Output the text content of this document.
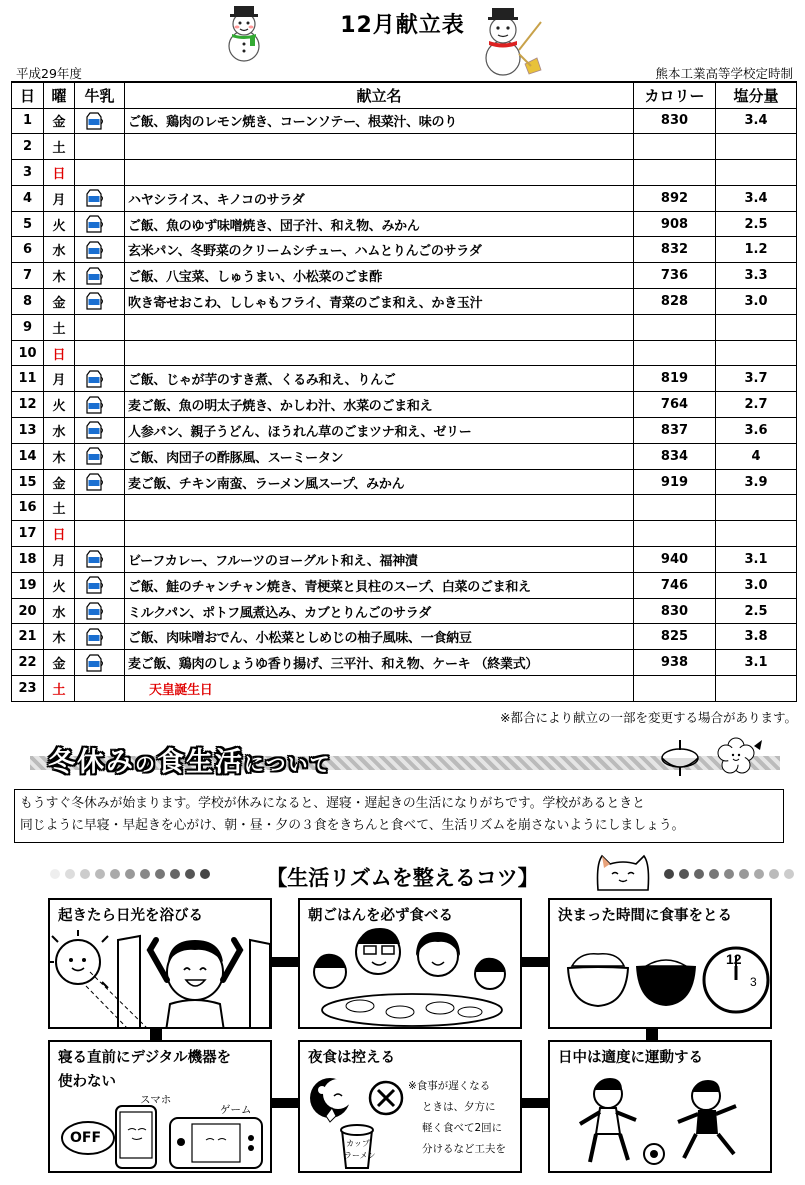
12月献立表
平成29年度	熊本工業高等学校定時制
日	曜	牛乳	献立名	カロリー	塩分量
1	金		ご飯、鶏肉のレモン焼き、コーンソテー、根菜汁、味のり	830	3.4
2	土				
3	日				
4	月		ハヤシライス、キノコのサラダ	892	3.4
5	火		ご飯、魚のゆず味噌焼き、団子汁、和え物、みかん	908	2.5
6	水		玄米パン、冬野菜のクリームシチュー、ハムとりんごのサラダ	832	1.2
7	木		ご飯、八宝菜、しゅうまい、小松菜のごま酢	736	3.3
8	金		吹き寄せおこわ、ししゃもフライ、青菜のごま和え、かき玉汁	828	3.0
9	土				
10	日				
11	月		ご飯、じゃが芋のすき煮、くるみ和え、りんご	819	3.7
12	火		麦ご飯、魚の明太子焼き、かしわ汁、水菜のごま和え	764	2.7
13	水		人参パン、親子うどん、ほうれん草のごまツナ和え、ゼリー	837	3.6
14	木		ご飯、肉団子の酢豚風、スーミータン	834	4
15	金		麦ご飯、チキン南蛮、ラーメン風スープ、みかん	919	3.9
16	土				
17	日				
18	月		ビーフカレー、フルーツのヨーグルト和え、福神漬	940	3.1
19	火		ご飯、鮭のチャンチャン焼き、青梗菜と貝柱のスープ、白菜のごま和え	746	3.0
20	水		ミルクパン、ポトフ風煮込み、カブとりんごのサラダ	830	2.5
21	木		ご飯、肉味噌おでん、小松菜としめじの柚子風味、一食納豆	825	3.8
22	金		麦ご飯、鶏肉のしょうゆ香り揚げ、三平汁、和え物、ケーキ （終業式）	938	3.1
23	土		天皇誕生日		
※都合により献立の一部を変更する場合があります。
冬休みの食生活について
もうすぐ冬休みが始まります。学校が休みになると、遅寝・遅起きの生活になりがちです。学校があるときと
同じように早寝・早起きを心がけ、朝・昼・夕の３食をきちんと食べて、生活リズムを崩さないようにしましょう。
【生活リズムを整えるコツ】
起きたら日光を浴びる	朝ごはんを必ず食べる
12
3
決まった時間に食事をとる
寝る直前にデジタル機器を
使わない
スマホ
ゲーム
OFF
夜食は控える
※食事が遅くなる
ときは、夕方に
軽く食べて2回に
分けるなど工夫を
カップ
ラーメン
日中は適度に運動する
